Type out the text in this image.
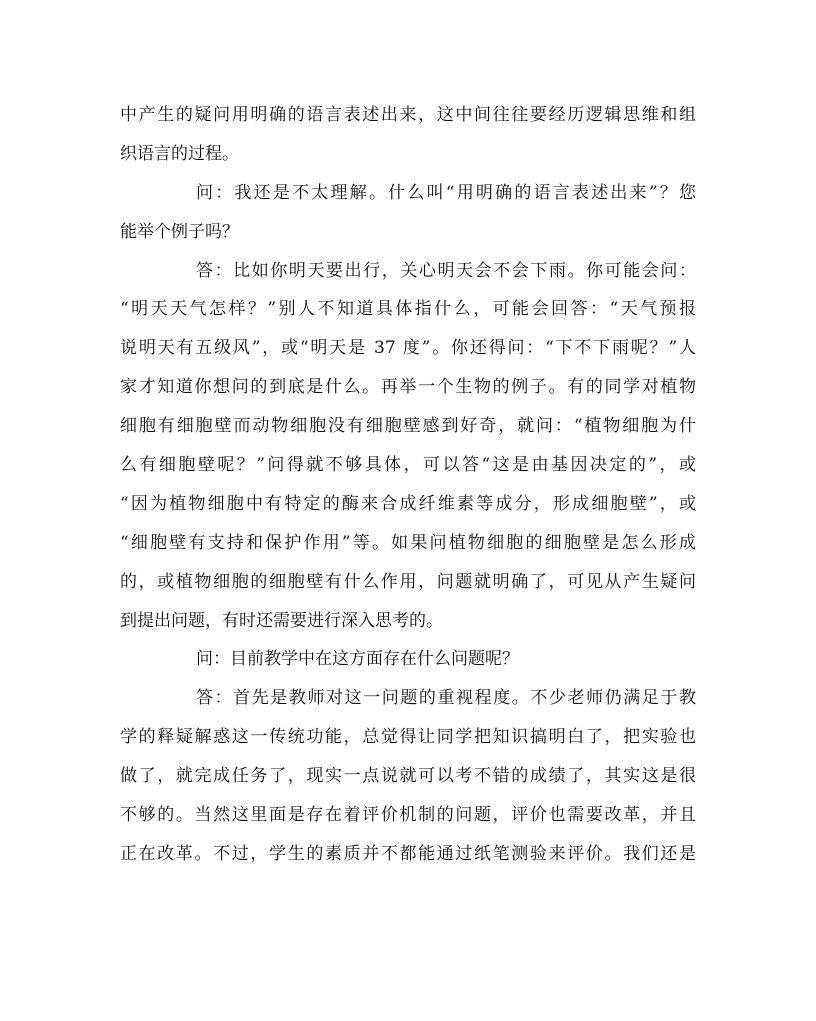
中产生的疑问用明确的语言表述出来，这中间往往要经历逻辑思维和组
织语言的过程。
问：我还是不太理解。什么叫“用明确的语言表述出来”？您
能举个例子吗？
答：比如你明天要出行，关心明天会不会下雨。你可能会问：
“明天天气怎样？”别人不知道具体指什么，可能会回答：“天气预报
说明天有五级风”，或“明天是 37 度”。你还得问：“下不下雨呢？”人
家才知道你想问的到底是什么。再举一个生物的例子。有的同学对植物
细胞有细胞壁而动物细胞没有细胞壁感到好奇，就问：“植物细胞为什
么有细胞壁呢？”问得就不够具体，可以答“这是由基因决定的”，或
“因为植物细胞中有特定的酶来合成纤维素等成分，形成细胞壁”，或
“细胞壁有支持和保护作用”等。如果问植物细胞的细胞壁是怎么形成
的，或植物细胞的细胞壁有什么作用，问题就明确了，可见从产生疑问
到提出问题，有时还需要进行深入思考的。
问：目前教学中在这方面存在什么问题呢？
答：首先是教师对这一问题的重视程度。不少老师仍满足于教
学的释疑解惑这一传统功能，总觉得让同学把知识搞明白了，把实验也
做了，就完成任务了，现实一点说就可以考不错的成绩了，其实这是很
不够的。当然这里面是存在着评价机制的问题，评价也需要改革，并且
正在改革。不过，学生的素质并不都能通过纸笔测验来评价。我们还是
